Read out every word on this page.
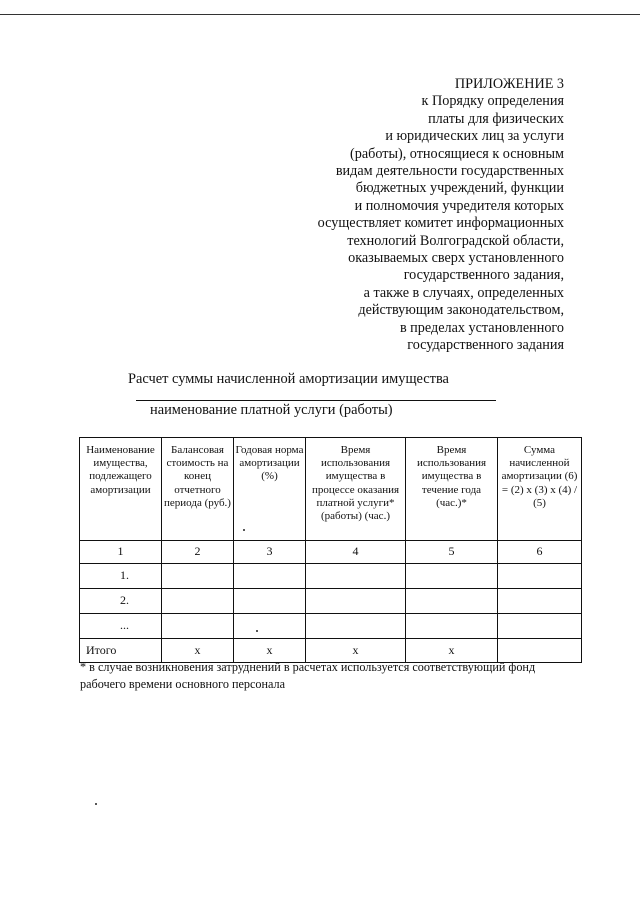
ПРИЛОЖЕНИЕ 3
к Порядку определения
платы для физических
и юридических лиц за услуги
(работы), относящиеся к основным
видам деятельности государственных
бюджетных учреждений, функции
и полномочия учредителя которых
осуществляет комитет информационных
технологий Волгоградской области,
оказываемых сверх установленного
государственного задания,
а также в случаях, определенных
действующим законодательством,
в пределах установленного
государственного задания
Расчет суммы начисленной амортизации имущества
наименование платной услуги (работы)
Наименование имущества, подлежащего амортизации	Балансовая стоимость на конец отчетного периода (руб.)	Годовая норма амортизации (%)	Время использования имущества в процессе оказания платной услуги* (работы) (час.)	Время использования имущества в течение года (час.)*	Сумма начисленной амортизации (6) = (2) x (3) x (4) / (5)
1	2	3	4	5	6
1.					
2.					
...					
Итого	x	x	x	x	
* в случае возникновения затруднений в расчетах используется соответствующий фонд рабочего времени основного персонала
